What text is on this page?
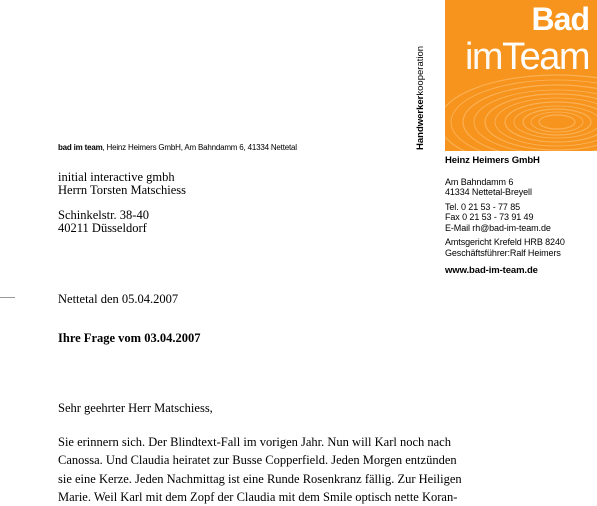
Bad
imTeam
Handwerkerkooperation
bad im team, Heinz Heimers GmbH, Am Bahndamm 6, 41334 Nettetal
initial interactive gmbh
Herrn Torsten Matschiess
Schinkelstr. 38-40
40211 Düsseldorf
Heinz Heimers GmbH
Am Bahndamm 6
41334 Nettetal-Breyell
Tel. 0 21 53 - 77 85
Fax 0 21 53 - 73 91 49
E-Mail rh@bad-im-team.de
Amtsgericht Krefeld HRB 8240
Geschäftsführer:Ralf Heimers
www.bad-im-team.de
Nettetal den 05.04.2007
Ihre Frage vom 03.04.2007
Sehr geehrter Herr Matschiess,
Sie erinnern sich. Der Blindtext-Fall im vorigen Jahr. Nun will Karl noch nach
Canossa. Und Claudia heiratet zur Busse Copperfield. Jeden Morgen entzünden
sie eine Kerze. Jeden Nachmittag ist eine Runde Rosenkranz fällig. Zur Heiligen
Marie. Weil Karl mit dem Zopf der Claudia mit dem Smile optisch nette Koran-
